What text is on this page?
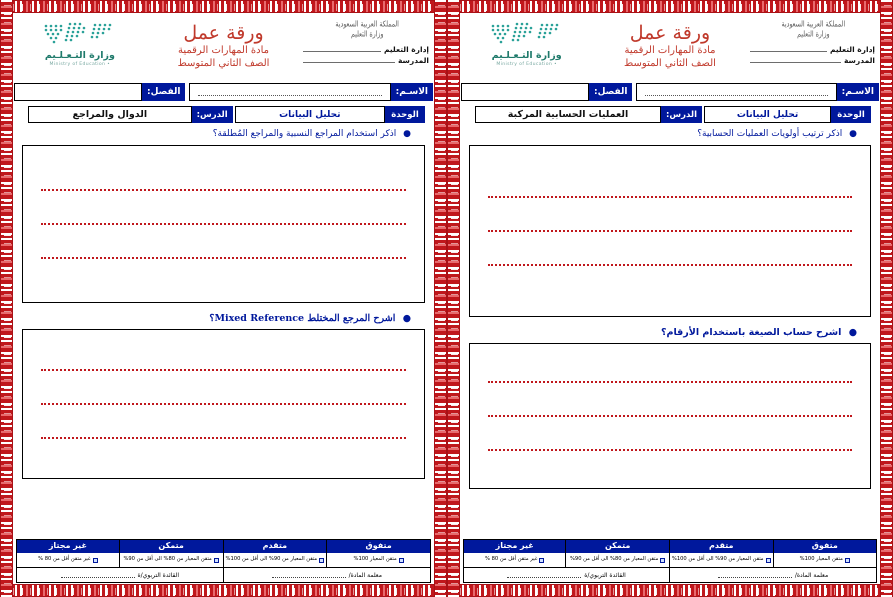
المملكة العربية السعودية
وزارة التعليم
إدارة التعليم
المدرسة
ورقة عمل
مادة المهارات الرقمية
الصف الثاني المتوسط
وزارة التـعـلـيم
• Ministry of Education
الاسـم:
الفصل:
الوحدة
تحليل البيانات
الدرس:
العمليات الحسابية المركبة
● اذكر ترتيب أولويات العمليات الحسابية؟
● اشرح حساب الصيغة باستخدام الأرقام؟
متفوق
متقن المعيار 100%
متقدم
متقن المعيار من 90% الى أقل من 100%
متمكن
متقن المعيار من 80% الى أقل من 90%
غير مجتاز
غير متقن أقل من 80 %
معلمة المادة/
القائدة التربوي/ة
المملكة العربية السعودية
وزارة التعليم
إدارة التعليم
المدرسة
ورقة عمل
مادة المهارات الرقمية
الصف الثاني المتوسط
وزارة التـعـلـيم
• Ministry of Education
الاسـم:
الفصل:
الوحدة
تحليل البيانات
الدرس:
الدوال والمراجع
● اذكر استخدام المراجع النسبية والمراجع المُطلقة؟
● اشرح المرجع المختلط Mixed Reference؟
متفوق
متقن المعيار 100%
متقدم
متقن المعيار من 90% الى أقل من 100%
متمكن
متقن المعيار من 80% الى أقل من 90%
غير مجتاز
غير متقن أقل من 80 %
معلمة المادة/
القائدة التربوي/ة
